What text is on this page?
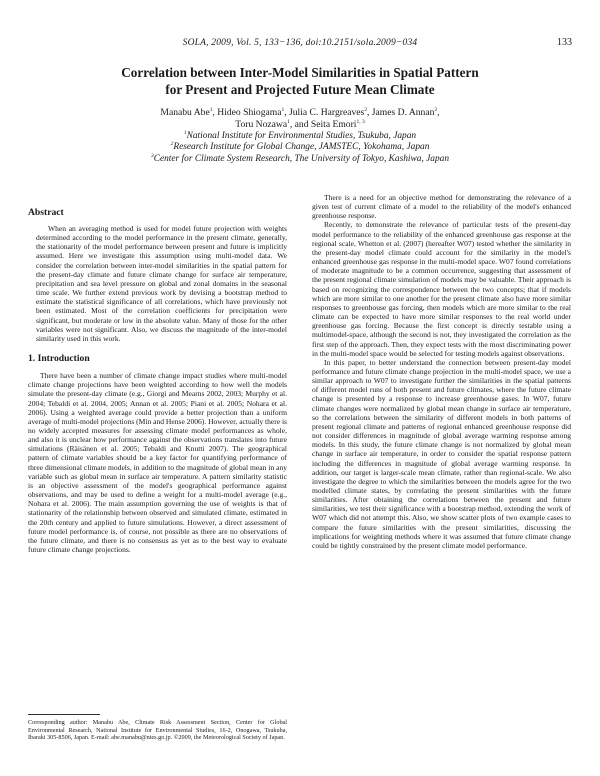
SOLA, 2009, Vol. 5, 133−136, doi:10.2151/sola.2009−034	133
Correlation between Inter-Model Similarities in Spatial Pattern
for Present and Projected Future Mean Climate
Manabu Abe$^1$, Hideo Shiogama$^1$, Julia C. Hargreaves$^2$, James D. Annan$^2$,
Toru Nozawa$^1$, and Seita Emori$^{1, 3}$
$^1$National Institute for Environmental Studies, Tsukuba, Japan
$^2$Research Institute for Global Change, JAMSTEC, Yokohama, Japan
$^3$Center for Climate System Research, The University of Tokyo, Kashiwa, Japan
Abstract

When an averaging method is used for model future projection with weights determined according to the model performance in the present climate, generally, the stationarity of the model performance between present and future is implicitly assumed. Here we investigate this assumption using multi-model data. We consider the correlation between inter-model similarities in the spatial pattern for the present-day climate and future climate change for surface air temperature, precipitation and sea level pressure on global and zonal domains in the seasonal time scale. We further extend previous work by devising a bootstrap method to estimate the statistical significance of all correlations, which have previously not been estimated. Most of the correlation coefficients for precipitation were significant, but moderate or low in the absolute value. Many of those for the other variables were not significant. Also, we discuss the magnitude of the inter-model similarity used in this work.

1. Introduction

There have been a number of climate change impact studies where multi-model climate change projections have been weighted according to how well the models simulate the present-day climate (e.g., Giorgi and Mearns 2002, 2003; Murphy et al. 2004; Tebaldi et al. 2004, 2005; Annan et al. 2005; Piani et al. 2005; Nohara et al. 2006). Using a weighted average could provide a better projection than a uniform average of multi-model projections (Min and Hense 2006). However, actually there is no widely accepted measures for assessing climate model performances as whole, and also it is unclear how performance against the observations translates into future simulations (Räisänen et al. 2005; Tebaldi and Knutti 2007). The geographical pattern of climate variables should be a key factor for quantifying performance of three dimensional climate models, in addition to the magnitude of global mean in any variable such as global mean in surface air temperature. A pattern similarity statistic is an objective assessment of the model's geographical performance against observations, and may be used to define a weight for a multi-model average (e.g., Nohara et al. 2006). The main assumption governing the use of weights is that of stationarity of the relationship between observed and simulated climate, estimated in the 20th century and applied to future simulations. However, a direct assessment of future model performance is, of course, not possible as there are no observations of the future climate, and there is no consensus as yet as to the best way to evaluate future climate change projections.

There is a need for an objective method for demonstrating the relevance of a given test of current climate of a model to the reliability of the model's enhanced greenhouse response.

Recently, to demonstrate the relevance of particular tests of the present-day model performance to the reliability of the enhanced greenhouse gas response at the regional scale, Whetton et al. (2007) (hereafter W07) tested whether the similarity in the present-day model climate could account for the similarity in the model's enhanced greenhouse gas response in the multi-model space. W07 found correlations of moderate magnitude to be a common occurrence, suggesting that assessment of the present regional climate simulation of models may be valuable. Their approach is based on recognizing the correspondence between the two concepts; that if models which are more similar to one another for the present climate also have more similar responses to greenhouse gas forcing, then models which are more similar to the real climate can be expected to have more similar responses to the real world under greenhouse gas forcing. Because the first concept is directly testable using a multimodel-space, although the second is not, they investigated the correlation as the first step of the approach. Then, they expect tests with the most discriminating power in the multi-model space would be selected for testing models against observations.

In this paper, to better understand the connection between present-day model performance and future climate change projection in the multi-model space, we use a similar approach to W07 to investigate further the similarities in the spatial patterns of different model runs of both present and future climates, where the future climate change is presented by a response to increase greenhouse gases. In W07, future climate changes were normalized by global mean change in surface air temperature, so the correlations between the similarity of different models in both patterns of present regional climate and patterns of regional enhanced greenhouse response did not consider differences in magnitude of global average warming response among models. In this study, the future climate change is not normalized by global mean change in surface air temperature, in order to consider the spatial response pattern including the differences in magnitude of global average warming response. In addition, our target is larger-scale mean climate, rather than regional-scale. We also investigate the degree to which the similarities between the models agree for the two modelled climate states, by correlating the present similarities with the future similarities. After obtaining the correlations between the present and future similarities, we test their significance with a bootstrap method, extending the work of W07 which did not attempt this. Also, we show scatter plots of two example cases to compare the future similarities with the present similarities, discussing the implications for weighting methods where it was assumed that future climate change could be tightly constrained by the present climate model performance.

Corresponding author: Manabu Abe, Climate Risk Assessment Section, Center for Global Environmental Research, National Institute for Environmental Studies, 16-2, Onogawa, Tsukuba, Ibaraki 305-8506, Japan. E-mail: abe.manabu@nies.go.jp. ©2009, the Meteorological Society of Japan.
